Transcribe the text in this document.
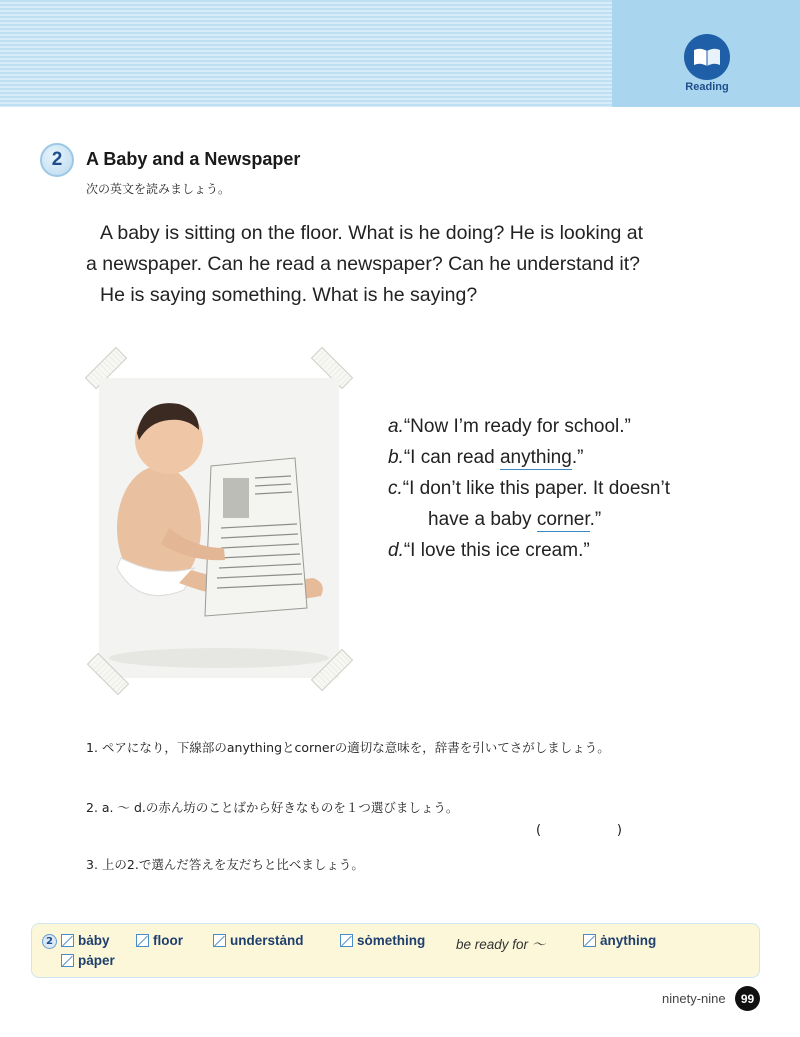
Reading
2	A Baby and a Newspaper
次の英文を読みましょう。

A baby is sitting on the floor. What is he doing? He is looking at

a newspaper. Can he read a newspaper? Can he understand it?

He is saying something. What is he saying?

a.“Now I’m ready for school.”
b.“I can read anything.”
c.“I don’t like this paper. It doesn’t
have a baby corner.”
d.“I love this ice cream.”
1. ペアになり，下線部のanythingとcornerの適切な意味を，辞書を引いてさがしましょう。
2. a. ～ d.の赤ん坊のことばから好きなものを１つ選びましょう。
(	)
3. 上の2.で選んだ答えを友だちと比べましょう。
2 bȧby	floor	understȧnd	sȯmething be ready for ～	ȧnything
pȧper
ninety-nine	99
